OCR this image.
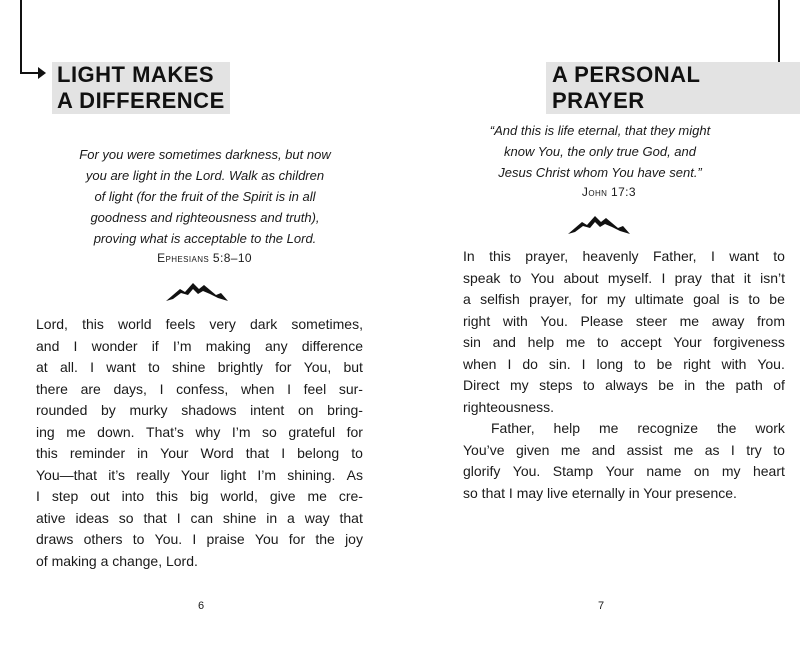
LIGHT MAKES
A DIFFERENCE
For you were sometimes darkness, but now
you are light in the Lord. Walk as children
of light (for the fruit of the Spirit is in all
goodness and righteousness and truth),
proving what is acceptable to the Lord.
Ephesians 5:8–10
Lord, this world feels very dark sometimes,
and I wonder if I’m making any difference
at all. I want to shine brightly for You, but
there are days, I confess, when I feel sur-
rounded by murky shadows intent on bring-
ing me down. That’s why I’m so grateful for
this reminder in Your Word that I belong to
You—that it’s really Your light I’m shining. As
I step out into this big world, give me cre-
ative ideas so that I can shine in a way that
draws others to You. I praise You for the joy
of making a change, Lord.
6
A PERSONAL PRAYER
“And this is life eternal, that they might
know You, the only true God, and
Jesus Christ whom You have sent.”
John 17:3
In this prayer, heavenly Father, I want to
speak to You about myself. I pray that it isn’t
a selfish prayer, for my ultimate goal is to be
right with You. Please steer me away from
sin and help me to accept Your forgiveness
when I do sin. I long to be right with You.
Direct my steps to always be in the path of
righteousness.
Father, help me recognize the work
You’ve given me and assist me as I try to
glorify You. Stamp Your name on my heart
so that I may live eternally in Your presence.
7
